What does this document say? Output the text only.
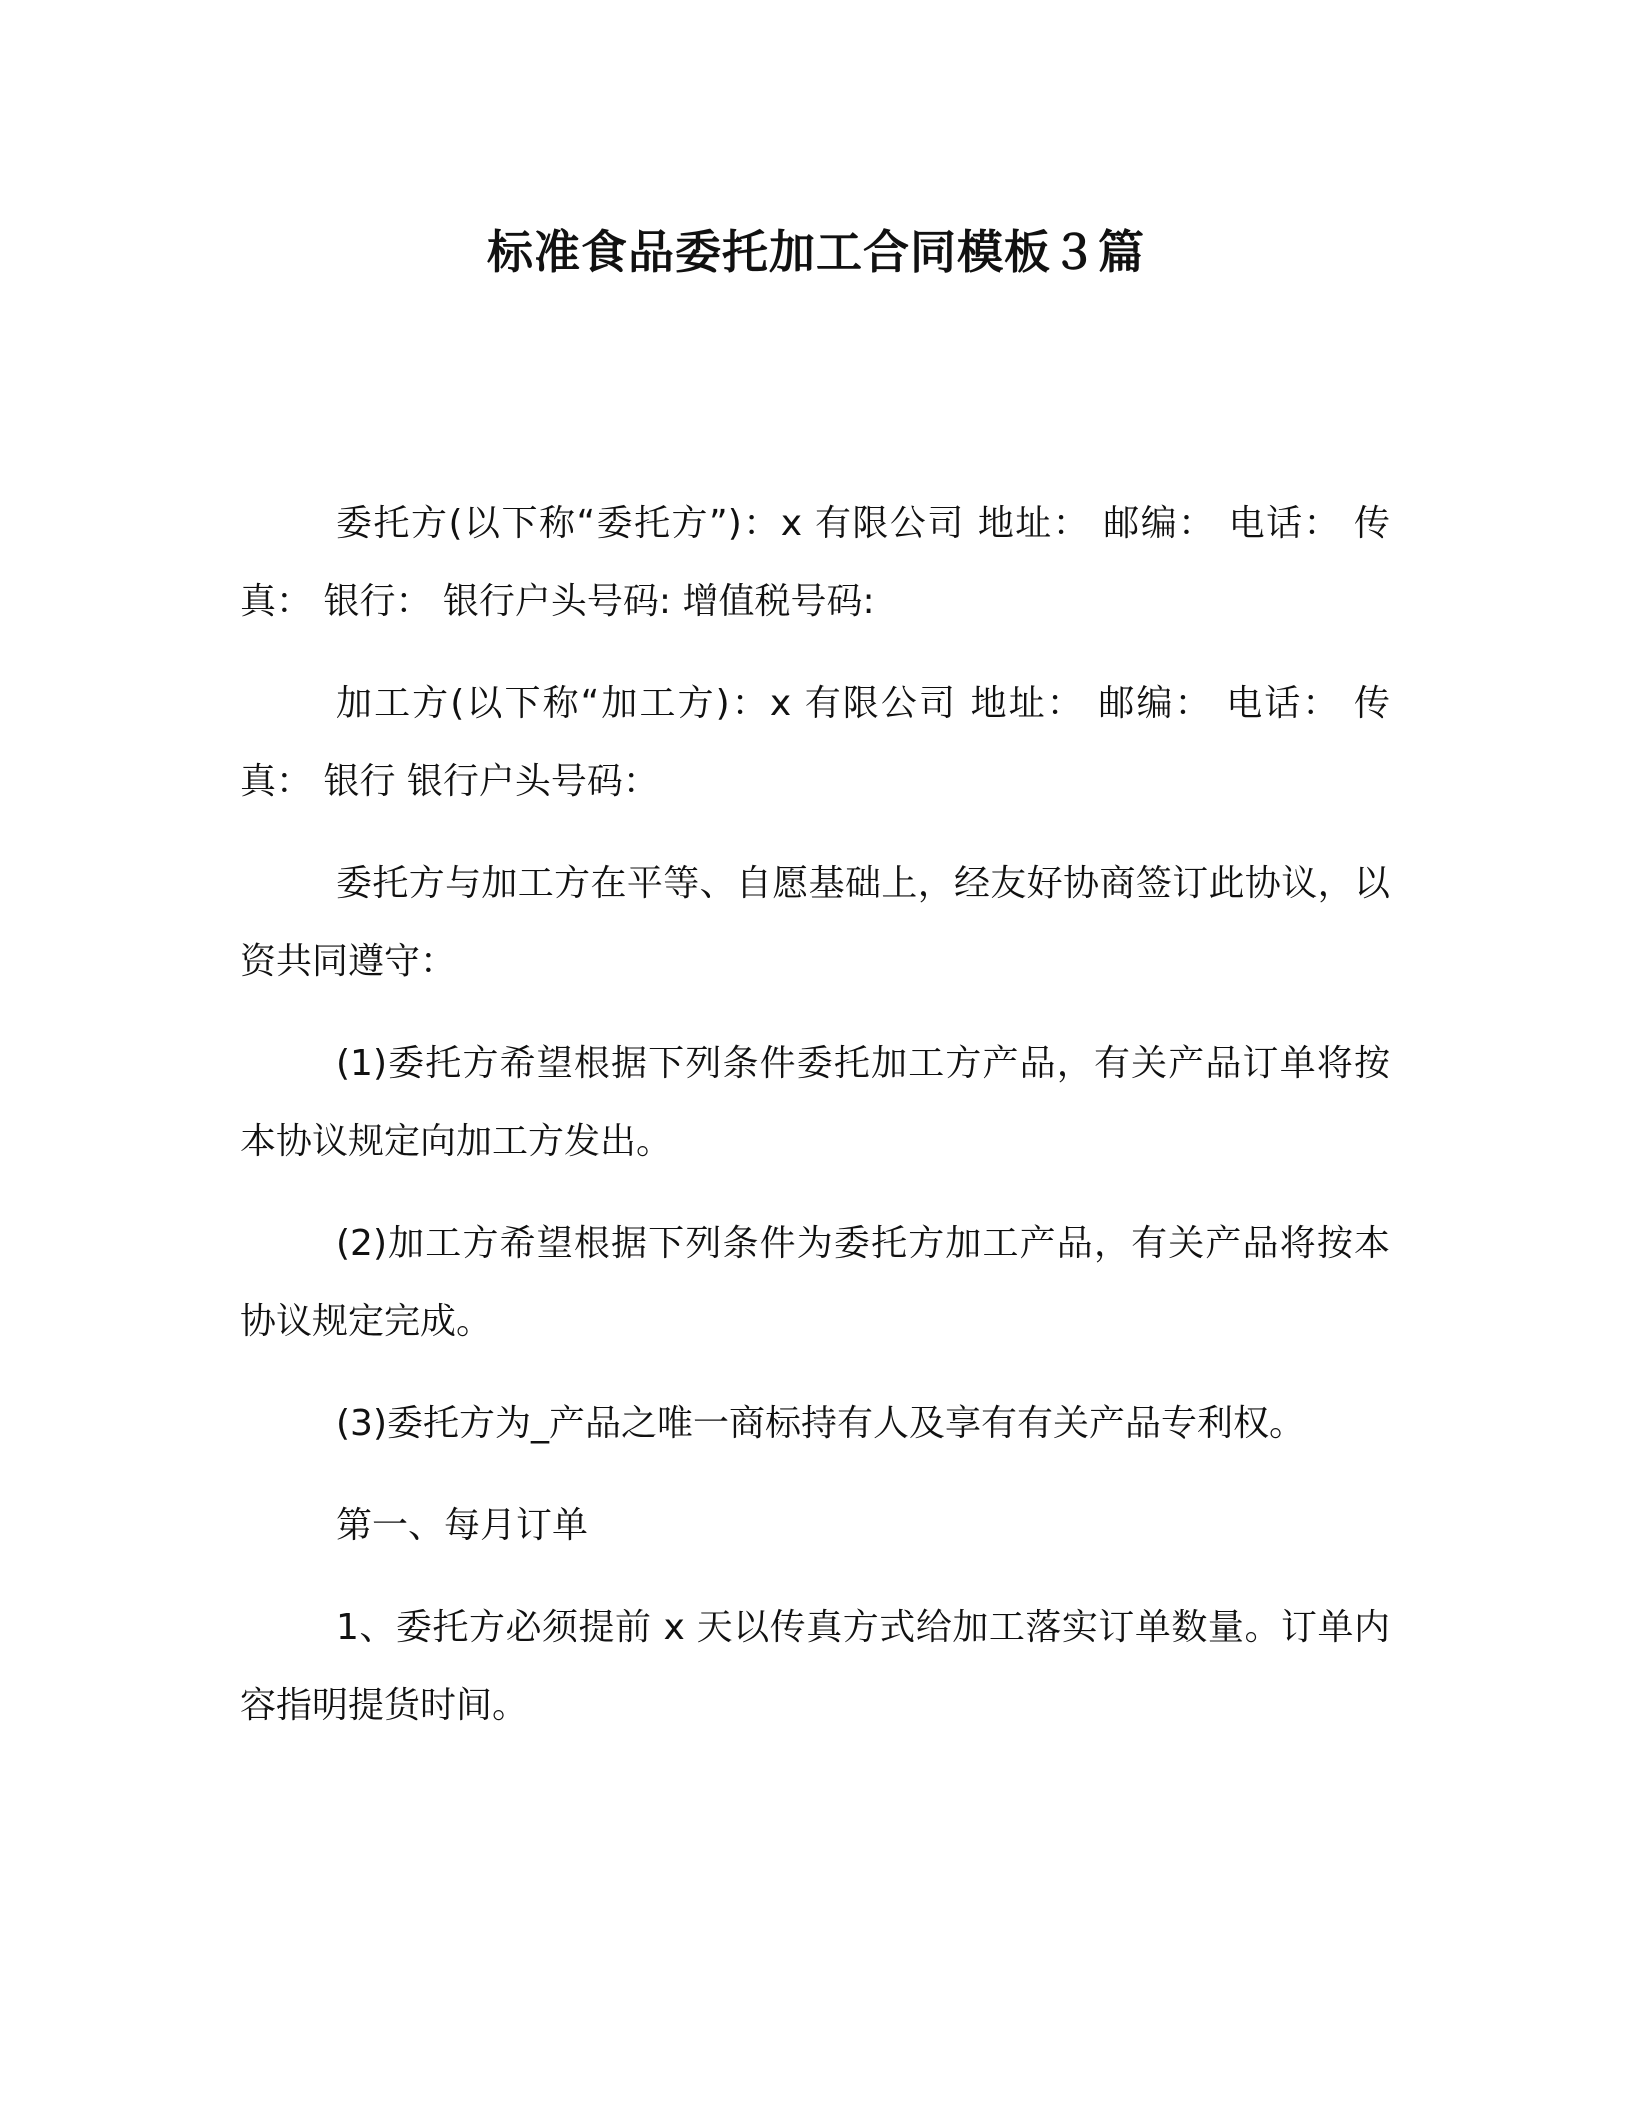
标准食品委托加工合同模板３篇

委托方(以下称“委托方”)：x 有限公司 地址： 邮编： 电话： 传真： 银行： 银行户头号码: 增值税号码:

加工方(以下称“加工方)：x 有限公司 地址： 邮编： 电话： 传真： 银行 银行户头号码：

委托方与加工方在平等、自愿基础上，经友好协商签订此协议，以资共同遵守：

(1)委托方希望根据下列条件委托加工方产品，有关产品订单将按本协议规定向加工方发出。

(2)加工方希望根据下列条件为委托方加工产品，有关产品将按本协议规定完成。

(3)委托方为_产品之唯一商标持有人及享有有关产品专利权。

第一、每月订单

1、委托方必须提前 x 天以传真方式给加工落实订单数量。订单内容指明提货时间。
